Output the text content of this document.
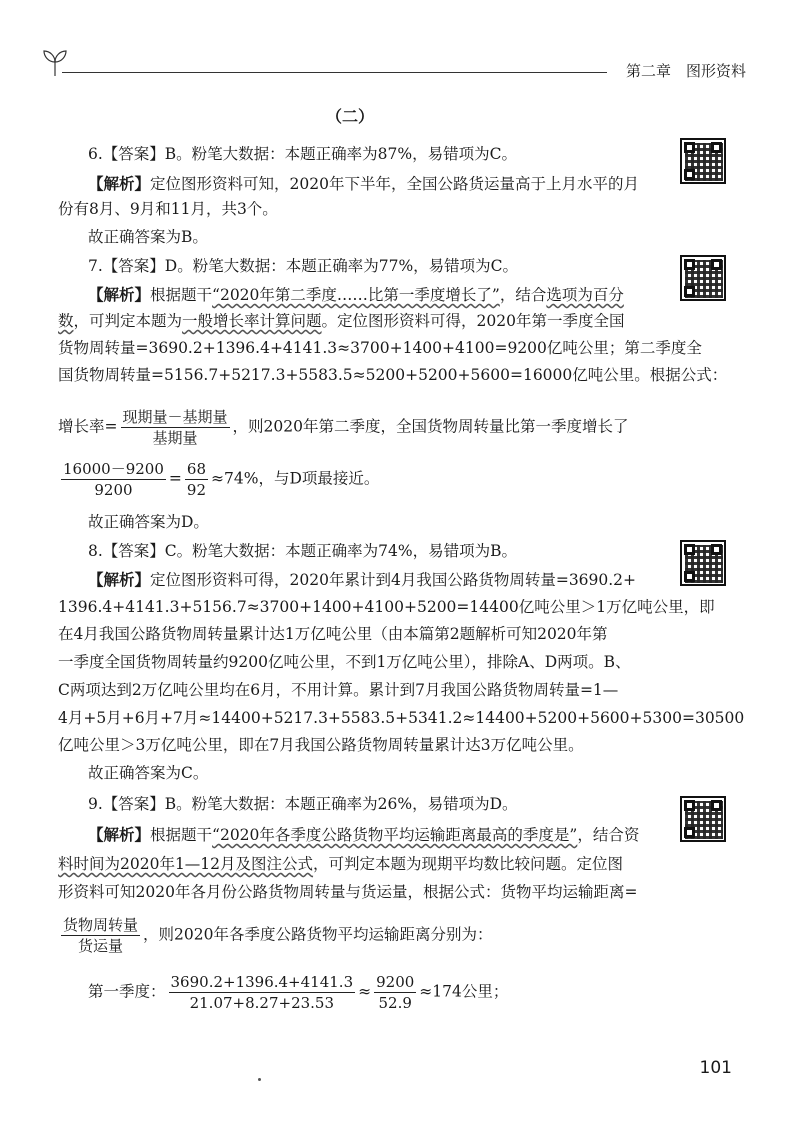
第二章　图形资料
（二）
6.【答案】B。粉笔大数据：本题正确率为87%，易错项为C。
【解析】定位图形资料可知，2020年下半年，全国公路货运量高于上月水平的月
份有8月、9月和11月，共3个。
故正确答案为B。
7.【答案】D。粉笔大数据：本题正确率为77%，易错项为C。
【解析】根据题干“2020年第二季度……比第一季度增长了”，结合选项为百分
数，可判定本题为一般增长率计算问题。定位图形资料可得，2020年第一季度全国
货物周转量=3690.2+1396.4+4141.3≈3700+1400+4100=9200亿吨公里；第二季度全
国货物周转量=5156.7+5217.3+5583.5≈5200+5200+5600=16000亿吨公里。根据公式：
增长率= $\frac{\text{现期量－基期量}}{\text{基期量}}$ ，则2020年第二季度，全国货物周转量比第一季度增长了
$\frac{16000-9200}{9200} = \frac{68}{92} \approx 74\%$，与D项最接近。
故正确答案为D。
8.【答案】C。粉笔大数据：本题正确率为74%，易错项为B。
【解析】定位图形资料可得，2020年累计到4月我国公路货物周转量=3690.2+
1396.4+4141.3+5156.7≈3700+1400+4100+5200=14400亿吨公里＞1万亿吨公里，即
在4月我国公路货物周转量累计达1万亿吨公里（由本篇第2题解析可知2020年第
一季度全国货物周转量约9200亿吨公里，不到1万亿吨公里），排除A、D两项。B、
C两项达到2万亿吨公里均在6月，不用计算。累计到7月我国公路货物周转量=1—
4月+5月+6月+7月≈14400+5217.3+5583.5+5341.2≈14400+5200+5600+5300=30500
亿吨公里＞3万亿吨公里，即在7月我国公路货物周转量累计达3万亿吨公里。
故正确答案为C。
9.【答案】B。粉笔大数据：本题正确率为26%，易错项为D。
【解析】根据题干“2020年各季度公路货物平均运输距离最高的季度是”，结合资
料时间为2020年1—12月及图注公式，可判定本题为现期平均数比较问题。定位图
形资料可知2020年各月份公路货物周转量与货运量，根据公式：货物平均运输距离=
$\frac{\text{货物周转量}}{\text{货运量}}$ ，则2020年各季度公路货物平均运输距离分别为：
第一季度： $\frac{3690.2+1396.4+4141.3}{21.07+8.27+23.53} \approx \frac{9200}{52.9} \approx 174$公里；
101
